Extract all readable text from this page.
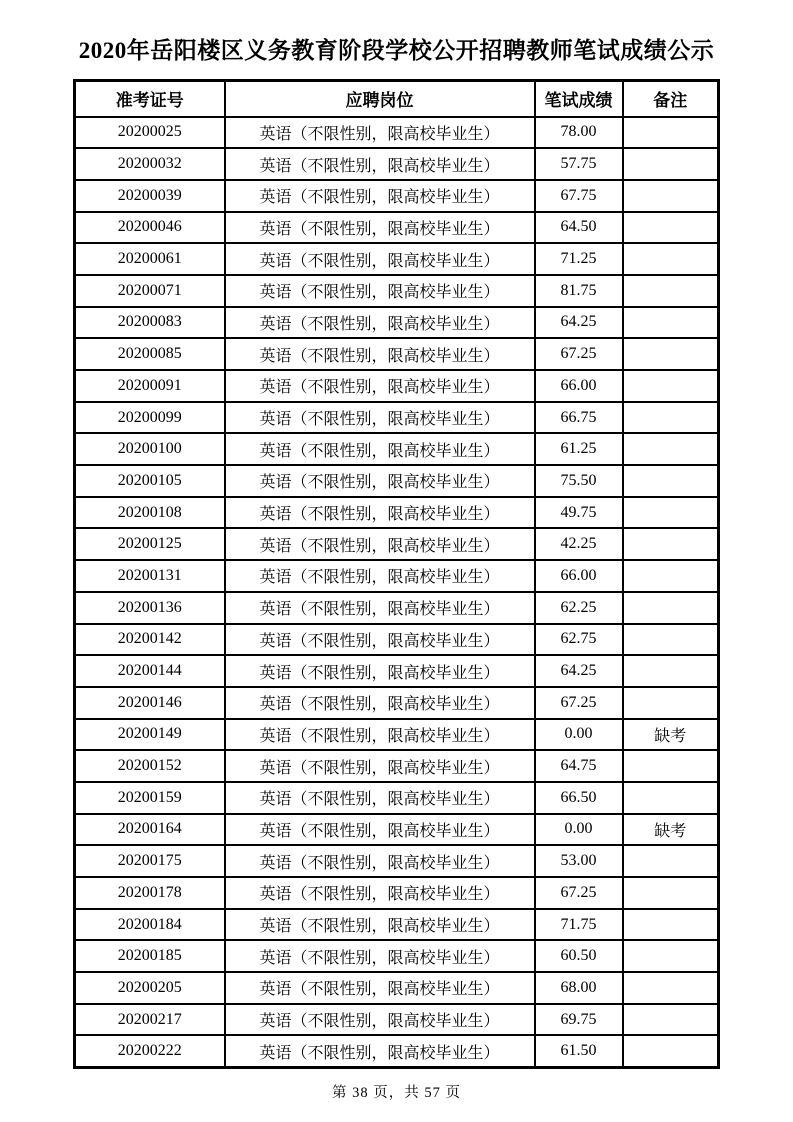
2020年岳阳楼区义务教育阶段学校公开招聘教师笔试成绩公示
准考证号	应聘岗位	笔试成绩	备注
20200025	英语（不限性别，限高校毕业生）	78.00	
20200032	英语（不限性别，限高校毕业生）	57.75	
20200039	英语（不限性别，限高校毕业生）	67.75	
20200046	英语（不限性别，限高校毕业生）	64.50	
20200061	英语（不限性别，限高校毕业生）	71.25	
20200071	英语（不限性别，限高校毕业生）	81.75	
20200083	英语（不限性别，限高校毕业生）	64.25	
20200085	英语（不限性别，限高校毕业生）	67.25	
20200091	英语（不限性别，限高校毕业生）	66.00	
20200099	英语（不限性别，限高校毕业生）	66.75	
20200100	英语（不限性别，限高校毕业生）	61.25	
20200105	英语（不限性别，限高校毕业生）	75.50	
20200108	英语（不限性别，限高校毕业生）	49.75	
20200125	英语（不限性别，限高校毕业生）	42.25	
20200131	英语（不限性别，限高校毕业生）	66.00	
20200136	英语（不限性别，限高校毕业生）	62.25	
20200142	英语（不限性别，限高校毕业生）	62.75	
20200144	英语（不限性别，限高校毕业生）	64.25	
20200146	英语（不限性别，限高校毕业生）	67.25	
20200149	英语（不限性别，限高校毕业生）	0.00	缺考
20200152	英语（不限性别，限高校毕业生）	64.75	
20200159	英语（不限性别，限高校毕业生）	66.50	
20200164	英语（不限性别，限高校毕业生）	0.00	缺考
20200175	英语（不限性别，限高校毕业生）	53.00	
20200178	英语（不限性别，限高校毕业生）	67.25	
20200184	英语（不限性别，限高校毕业生）	71.75	
20200185	英语（不限性别，限高校毕业生）	60.50	
20200205	英语（不限性别，限高校毕业生）	68.00	
20200217	英语（不限性别，限高校毕业生）	69.75	
20200222	英语（不限性别，限高校毕业生）	61.50	
第 38 页，共 57 页
